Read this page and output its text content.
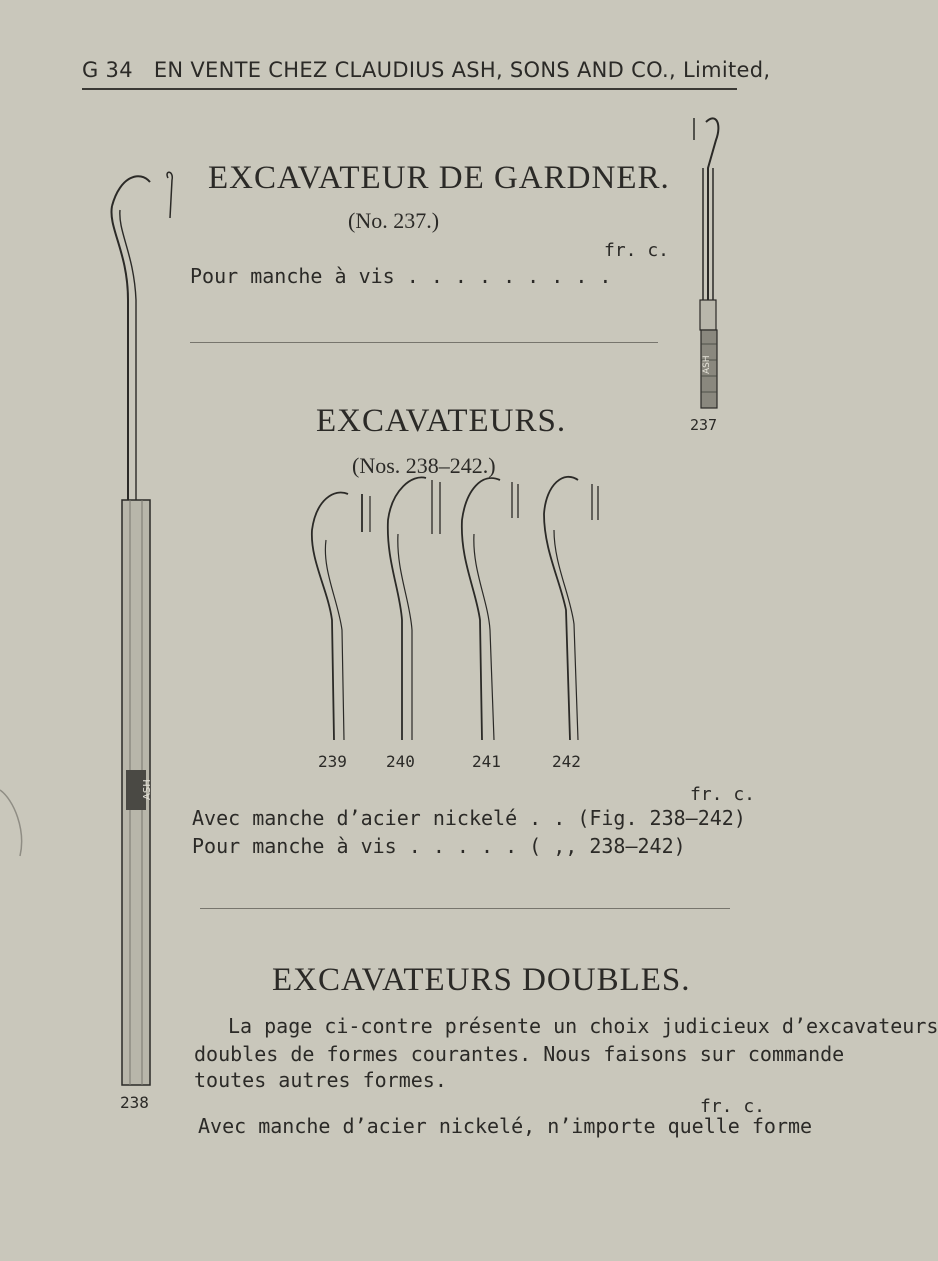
G 34 EN VENTE CHEZ CLAUDIUS ASH, SONS AND CO., Limited,
EXCAVATEUR DE GARDNER.
(No. 237.)
fr. c.
Pour manche à vis . . . . . . . . .
EXCAVATEURS.
(Nos. 238–242.)
239 240	241	242
fr. c.
Avec manche d’acier nickelé . . (Fig. 238–242)
Pour manche à vis . . . . . ( ,, 238–242)
EXCAVATEURS DOUBLES.
La page ci-contre présente un choix judicieux d’excavateurs
doubles de formes courantes. Nous faisons sur commande
toutes autres formes.
fr. c.
Avec manche d’acier nickelé, n’importe quelle forme
ASH
237
ASH
238
